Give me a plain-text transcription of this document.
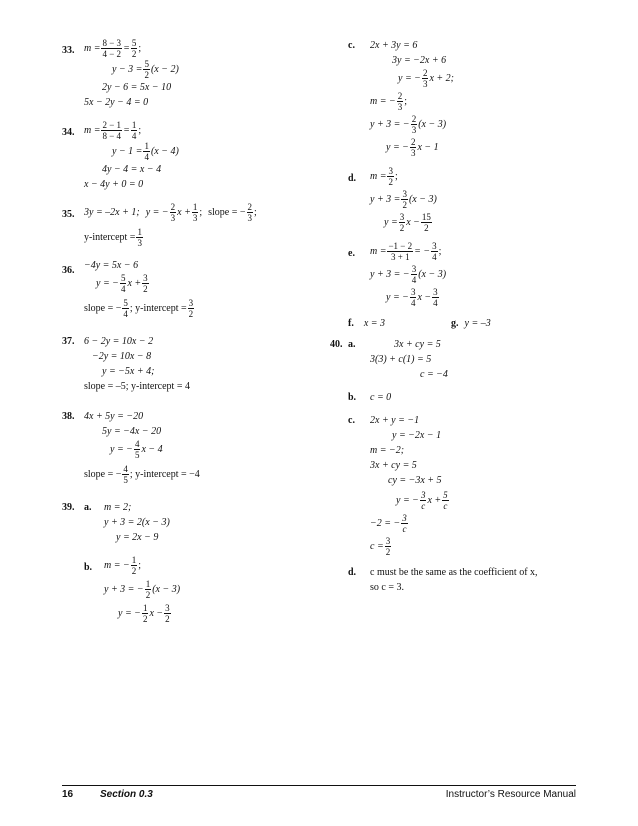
33. $m = \frac{8 - 3}{4 - 2} = \frac{5}{2}$ ;
$y - 3 = \frac{5}{2} (x - 2)$
2y − 6 = 5x − 10
5x − 2y − 4 = 0
34. $m = \frac{2 - 1}{8 - 4} = \frac{1}{4}$ ;
$y - 1 = \frac{1}{4} (x - 4)$
4y − 4 = x − 4
x − 4y + 0 = 0
35. 3y = –2x + 1; y = − $\frac{2}{3}$ $x + \frac{1}{3}$ ; slope = − $\frac{2}{3}$ ;
y-intercept = $\frac{1}{3}$
36. −4y = 5x − 6
y = − $\frac{5}{4}$ $x + \frac{3}{2}$
slope = − $\frac{5}{4}$ ; y-intercept = $\frac{3}{2}$
37. 6 − 2y = 10x − 2
−2y = 10x − 8
y = −5x + 4;
slope = –5; y-intercept = 4
38. 4x + 5y = −20
5y = −4x − 20
y = − $\frac{4}{5}$ x − 4
slope = − $\frac{4}{5}$ ; y-intercept = −4
39. a. m = 2;
y + 3 = 2(x − 3)
y = 2x − 9
b. m = − $\frac{1}{2}$ ;
y + 3 = − $\frac{1}{2} (x - 3)$
y = − $\frac{1}{2}$ $x - \frac{3}{2}$
c. 2x + 3y = 6
3y = −2x + 6
y = − $\frac{2}{3}$ x + 2;
m = − $\frac{2}{3}$ ;
y + 3 = − $\frac{2}{3} (x - 3)$
y = − $\frac{2}{3}$ x − 1
d. $m = \frac{3}{2}$ ;
$y + 3 = \frac{3}{2} (x - 3)$
$y = \frac{3}{2}$ $x - \frac{15}{2}$
e. $m = \frac{-1 - 2}{3 + 1}$ = − $\frac{3}{4}$ ;
y + 3 = − $\frac{3}{4} (x - 3)$
y = − $\frac{3}{4}$ $x - \frac{3}{4}$
f. x = 3	g. y = –3
40. a.	3x + cy = 5
3(3) + c(1) = 5
c = −4
b. c = 0
c. 2x + y = −1
y = −2x − 1
m = −2;
3x + cy = 5
cy = −3x + 5
y = − $\frac{3}{c}$ $x + \frac{5}{c}$
−2 = − $\frac{3}{c}$
$c = \frac{3}{2}$
d. c must be the same as the coefficient of x,
so c = 3.
16	Section 0.3	Instructor’s Resource Manual
